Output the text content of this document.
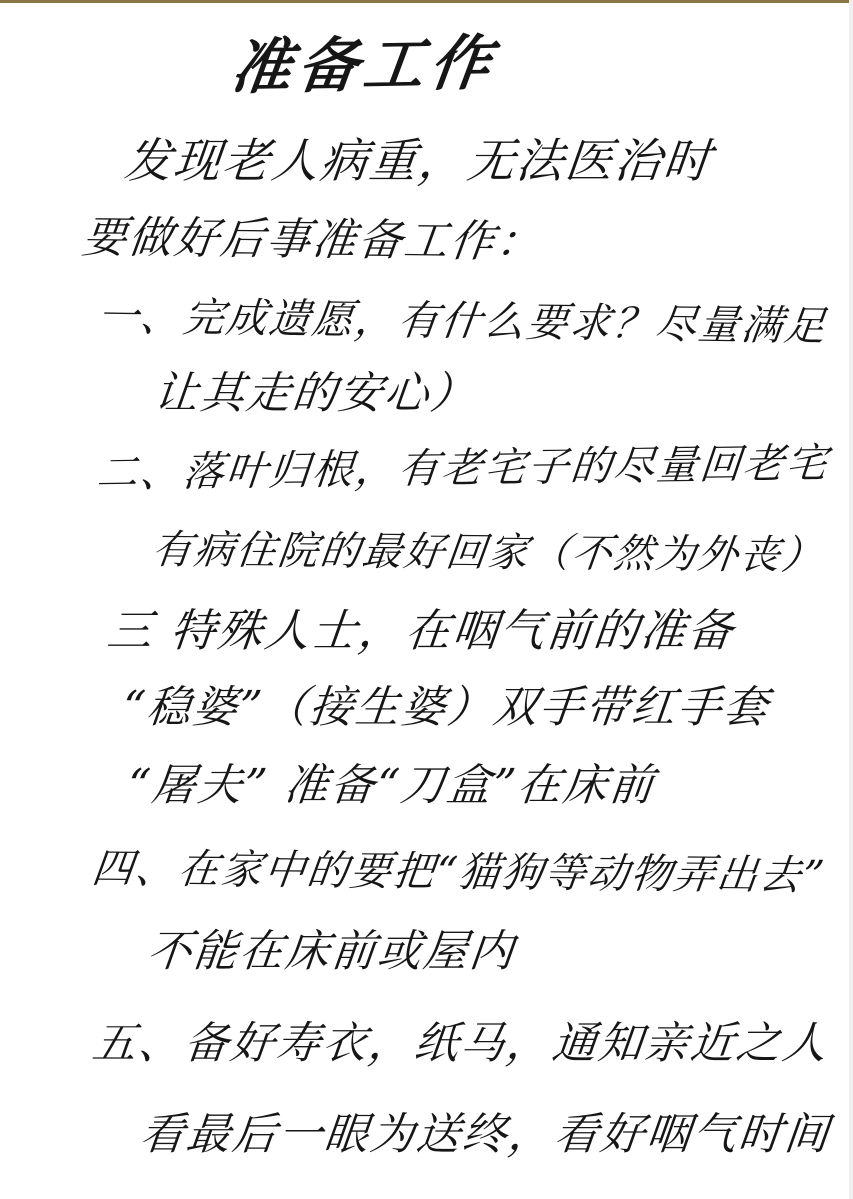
准备工作
发现老人病重，无法医治时
要做好后事准备工作：
一、完成遗愿，有什么要求？尽量满足
让其走的安心）
二、落叶归根，有老宅子的尽量回老宅
有病住院的最好回家（不然为外丧）
三 特殊人士，在咽气前的准备
“稳婆”（接生婆）双手带红手套
“屠夫” 准备“刀盒”在床前
四、在家中的要把“猫狗等动物弄出去”
不能在床前或屋内
五、备好寿衣，纸马，通知亲近之人
看最后一眼为送终，看好咽气时间
